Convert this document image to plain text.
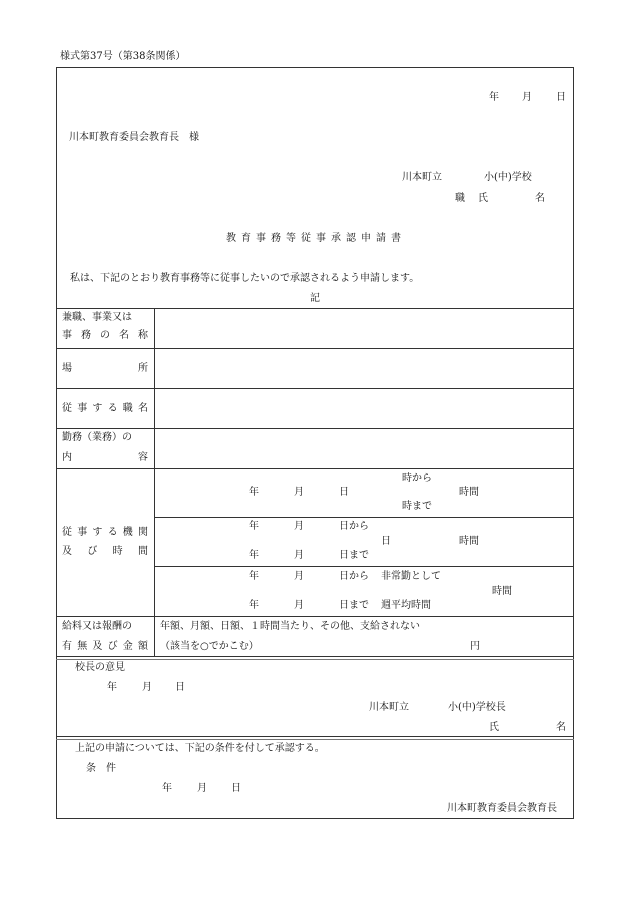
様式第37号（第38条関係）
年 月 日
川本町教育委員会教育長　様
川本町立	小(中)学校
職 氏	名
教育事務等従事承認申請書
私は、下記のとおり教育事務等に従事したいので承認されるよう申請します。
記
兼職、事業又は
事務の名称
場	所
従事する職名
勤務（業務）の
内	容
従事する機関
及び時間
時から
年	月	日	時間
時まで
年	月	日から
日	時間
年	月	日まで
年	月	日から 非常勤として
時間
年	月	日まで 週平均時間
給料又は報酬の
有無及び金額
年額、月額、日額、１時間当たり、その他、支給されない
（該当を○でかこむ）	円
校長の意見
年	月 日
川本町立	小(中)学校長
氏	名
上記の申請については、下記の条件を付して承認する。
条　件
年	月 日
川本町教育委員会教育長
